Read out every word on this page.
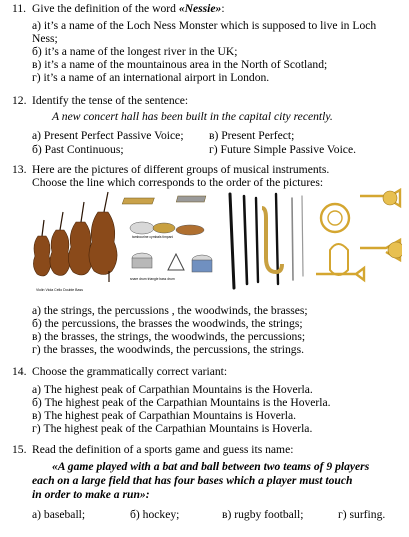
11. Give the definition of the word «Nessie»:
а) it’s a name of the Loch Ness Monster which is supposed to live in Loch
Ness;
б) it’s a name of the longest river in the UK;
в) it’s a name of the mountainous area in the North of Scotland;
г) it’s a name of an international airport in London.
12. Identify the tense of the sentence:
A new concert hall has been built in the capital city recently.
а) Present Perfect Passive Voice; в) Present Perfect;
б) Past Continuous;	г) Future Simple Passive Voice.
13. Here are the pictures of different groups of musical instruments.
Choose the line which corresponds to the order of the pictures:
Violin Viola Cello Double Bass
tambourine cymbals timpani
snare drum triangle bass drum
а) the strings, the percussions , the woodwinds, the brasses;
б) the percussions, the brasses the woodwinds, the strings;
в) the brasses, the strings, the woodwinds, the percussions;
г) the brasses, the woodwinds, the percussions, the strings.
14. Choose the grammatically correct variant:
а) The highest peak of Carpathian Mountains is the Hoverla.
б) The highest peak of the Carpathian Mountains is the Hoverla.
в) The highest peak of Carpathian Mountains is Hoverla.
г) The highest peak of the Carpathian Mountains is Hoverla.
15. Read the definition of a sports game and guess its name:
«A game played with a bat and ball between two teams of 9 players
each on a large field that has four bases which a player must touch
in order to make a run»:
а) baseball;	б) hockey;	в) rugby football;	г) surfing.
